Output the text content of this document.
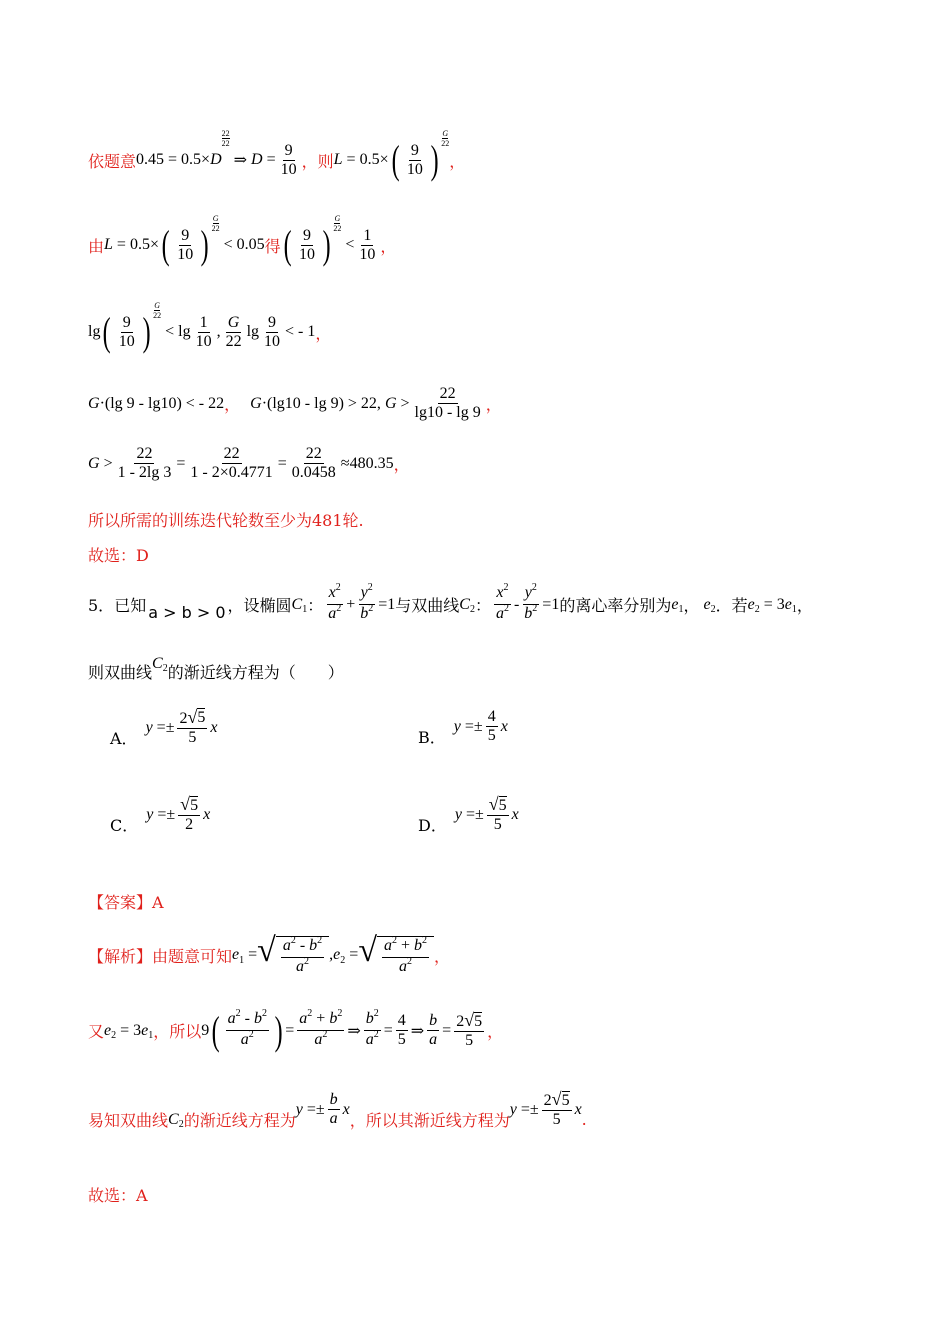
依题意 0.45 = 0.5× D
22
22
⇒ $D = \frac{9}{10}$ ，则 L = 0.5× ( $\frac{9}{10}$ )
G
22
，
由 L = 0.5× ( $\frac{9}{10}$ )
G
22
< 0.05 得 ( $\frac{9}{10}$ )
G
22
< $\frac{1}{10}$ ，
lg ( $\frac{9}{10}$ )
G
22
< $\lg \frac{1}{10}$ , $\frac{G}{22}$ $\lg \frac{9}{10}$ < - 1 ，
G ·(lg 9 - lg10) < - 22 ， G ·(lg10 - lg 9) > 22, $G > \frac{22}{\lg 10 - \lg 9}$ ，
$G > \frac{22}{1 - 2\lg 3} = \frac{22}{1 - 2\times 0.4771} = \frac{22}{0.0458} \approx 480.35$ ，
所以所需的训练迭代轮数至少为481轮.
故选：D
5． 已知 a > b > 0 ，设椭圆 C 1 ： $\frac{x^2}{a^2} + \frac{y^2}{b^2} =1$ 与双曲线 C 2 ： $\frac{x^2}{a^2} - \frac{y^2}{b^2} =1$ 的离心率分别为 e 1 ， e 2 ． 若 e 2 = 3 e 1 ，
则双曲线 C 2 的渐近线方程为（　　）
A．
$y =\pm \frac{2 √ 5}{5}$ x
B．
$y =\pm \frac{4}{5}$ x
C．
$y =\pm \frac{√5}{2}$ x
D．
$y =\pm \frac{√5}{5}$ x
【答案】A
【解析】 由题意可知 e 1 = √ $\frac{a^2 - b^2}{a^2}$ , e 2 = √ $\frac{a^2 + b^2}{a^2}$ ，
又 e 2 = 3 e 1 ，所以 9 ( $\frac{a^2 - b^2}{a^2}$ ) = $\frac{a^2 + b^2}{a^2}$ ⇒ $\frac{b^2}{a^2} = \frac{4}{5}$ ⇒ $\frac{b}{a} = \frac{2√5}{5}$ ，
易知双曲线 C 2 的渐近线方程为
$y =\pm \frac{b}{a}$ x
，所以其渐近线方程为
$y =\pm \frac{2√5}{5}$ x
.
故选：A
